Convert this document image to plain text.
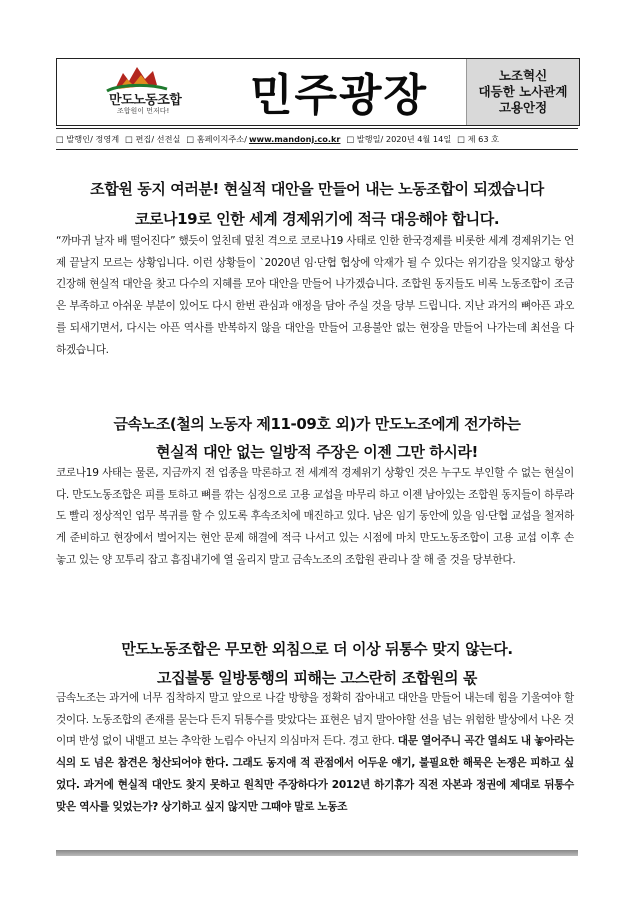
만도노동조합
조합원이 먼저다! 민주광장	노조혁신
대등한 노사관계
고용안정
□ 발행인/ 정영계 □ 편집/ 선전실 □ 홈페이지주소/ www.mandonj.co.kr □ 발행일/ 2020년 4월 14일 □ 제 63 호
조합원 동지 여러분! 현실적 대안을 만들어 내는 노동조합이 되겠습니다
코로나19로 인한 세계 경제위기에 적극 대응해야 합니다.
“까마귀 날자 배 떨어진다” 했듯이 엎친데 덮친 격으로 코로나19 사태로 인한 한국경제를 비롯한 세계 경제위기는 언제 끝날지 모르는 상황입니다. 이런 상황들이 `2020년 임·단협 협상에 악재가 될 수 있다는 위기감을 잊지않고 항상 긴장해 현실적 대안을 찾고 다수의 지혜를 모아 대안을 만들어 나가겠습니다. 조합원 동지들도 비록 노동조합이 조금은 부족하고 아쉬운 부분이 있어도 다시 한번 관심과 애정을 담아 주실 것을 당부 드립니다. 지난 과거의 뼈아픈 과오를 되새기면서, 다시는 아픈 역사를 반복하지 않을 대안을 만들어 고용불안 없는 현장을 만들어 나가는데 최선을 다 하겠습니다.
금속노조(철의 노동자 제11-09호 외)가 만도노조에게 전가하는
현실적 대안 없는 일방적 주장은 이젠 그만 하시라!
코로나19 사태는 물론, 지금까지 전 업종을 막론하고 전 세계적 경제위기 상황인 것은 누구도 부인할 수 없는 현실이다. 만도노동조합은 피를 토하고 뼈를 깎는 심정으로 고용 교섭을 마무리 하고 이젠 남아있는 조합원 동지들이 하루라도 빨리 정상적인 업무 복귀를 할 수 있도록 후속조치에 매진하고 있다. 남은 임기 동안에 있을 임·단협 교섭을 철저하게 준비하고 현장에서 벌어지는 현안 문제 해결에 적극 나서고 있는 시점에 마치 만도노동조합이 고용 교섭 이후 손 놓고 있는 양 꼬투리 잡고 흠집내기에 열 올리지 말고 금속노조의 조합원 관리나 잘 해 줄 것을 당부한다.
만도노동조합은 무모한 외침으로 더 이상 뒤통수 맞지 않는다.
고집불통 일방통행의 피해는 고스란히 조합원의 몫
금속노조는 과거에 너무 집착하지 말고 앞으로 나갈 방향을 정확히 잡아내고 대안을 만들어 내는데 힘을 기울여야 할 것이다. 노동조합의 존재를 묻는다 든지 뒤통수를 맞았다는 표현은 넘지 말아야할 선을 넘는 위험한 발상에서 나온 것이며 반성 없이 내뱉고 보는 추악한 노림수 아닌지 의심마저 든다. 경고 한다. 대문 열어주니 곡간 열쇠도 내 놓아라는 식의 도 넘은 참견은 청산되어야 한다. 그래도 동지애 적 관점에서 어두운 얘기, 불필요한 해묵은 논쟁은 피하고 싶었다. 과거에 현실적 대안도 찾지 못하고 원칙만 주장하다가 2012년 하기휴가 직전 자본과 정권에 제대로 뒤통수 맞은 역사를 잊었는가? 상기하고 싶지 않지만 그때야 말로 노동조
